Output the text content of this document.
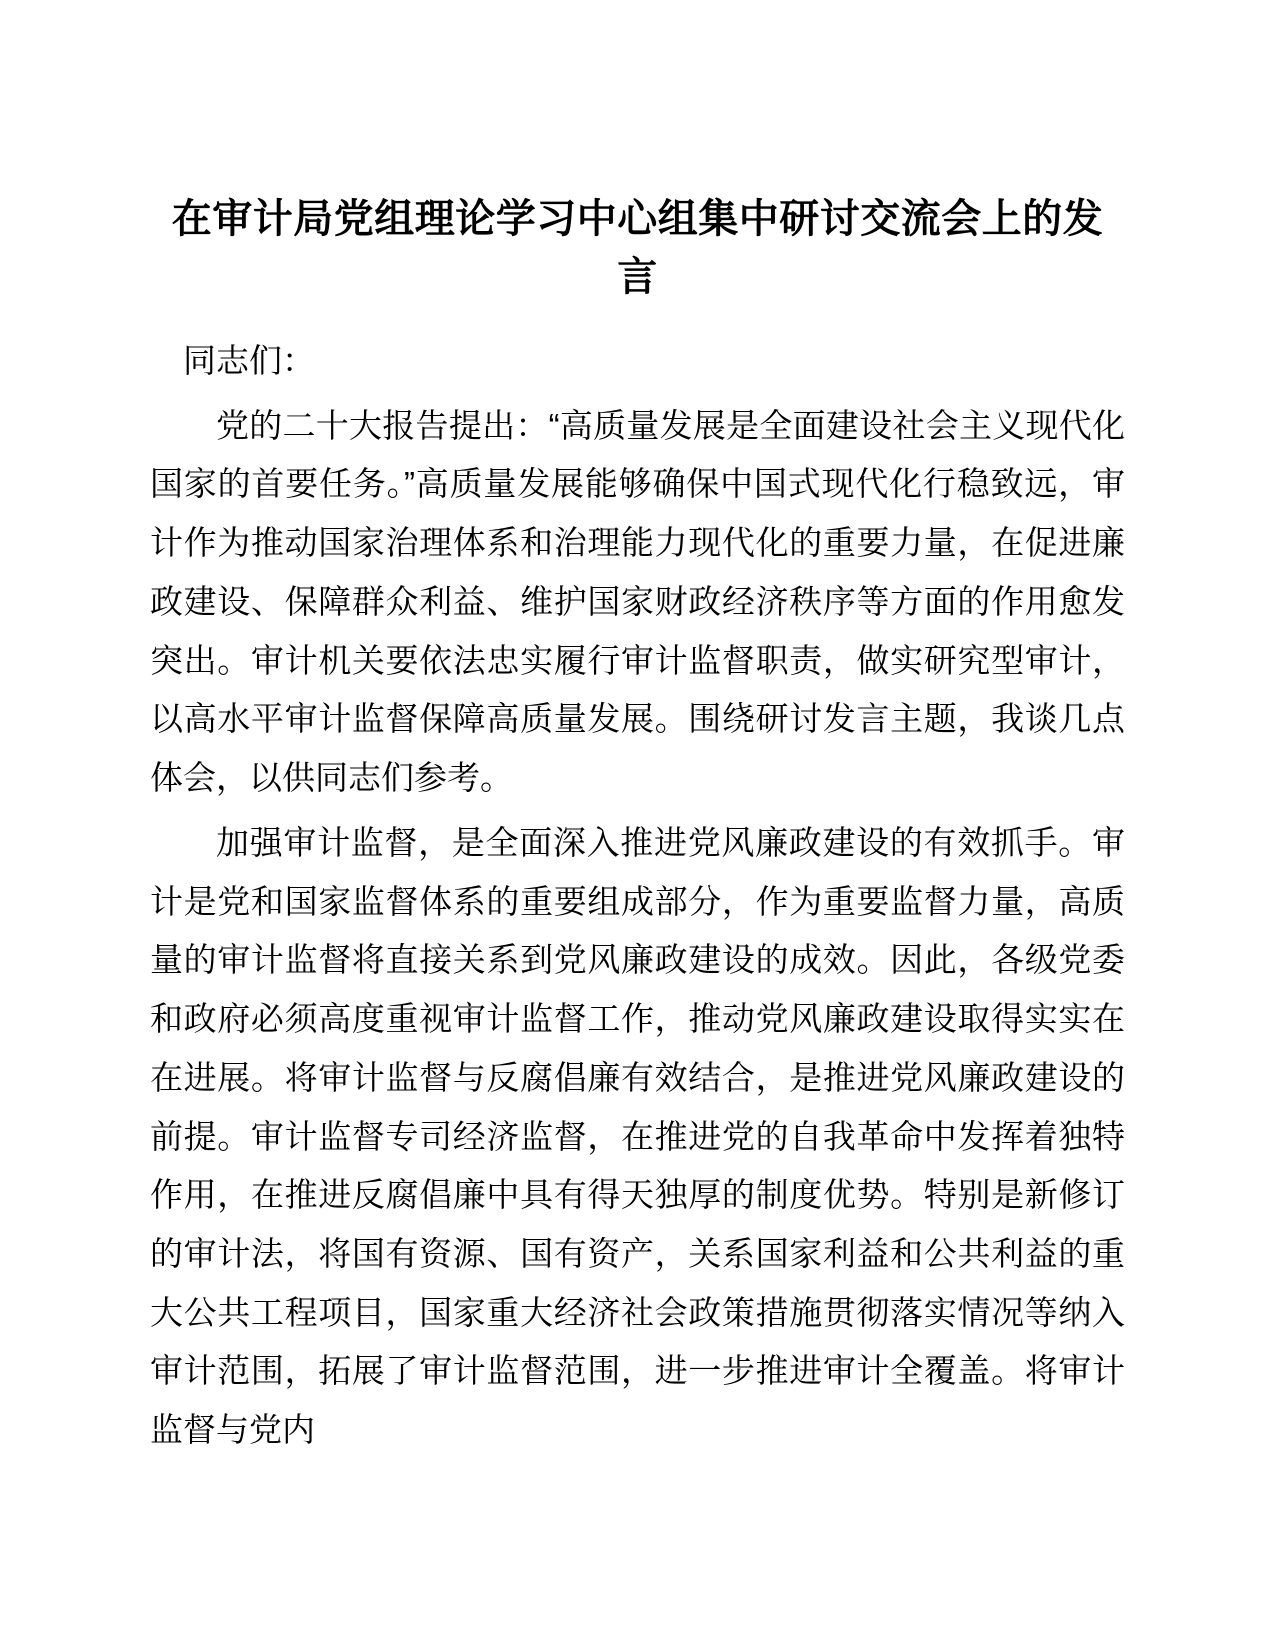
在审计局党组理论学习中心组集中研讨交流会上的发言

同志们：

党的二十大报告提出：“高质量发展是全面建设社会主义现代化国家的首要任务。”高质量发展能够确保中国式现代化行稳致远，审计作为推动国家治理体系和治理能力现代化的重要力量，在促进廉政建设、保障群众利益、维护国家财政经济秩序等方面的作用愈发突出。审计机关要依法忠实履行审计监督职责，做实研究型审计，以高水平审计监督保障高质量发展。围绕研讨发言主题，我谈几点体会，以供同志们参考。

加强审计监督，是全面深入推进党风廉政建设的有效抓手。审计是党和国家监督体系的重要组成部分，作为重要监督力量，高质量的审计监督将直接关系到党风廉政建设的成效。因此，各级党委和政府必须高度重视审计监督工作，推动党风廉政建设取得实实在在进展。将审计监督与反腐倡廉有效结合，是推进党风廉政建设的前提。审计监督专司经济监督，在推进党的自我革命中发挥着独特作用，在推进反腐倡廉中具有得天独厚的制度优势。特别是新修订的审计法，将国有资源、国有资产，关系国家利益和公共利益的重大公共工程项目，国家重大经济社会政策措施贯彻落实情况等纳入审计范围，拓展了审计监督范围，进一步推进审计全覆盖。将审计监督与党内
